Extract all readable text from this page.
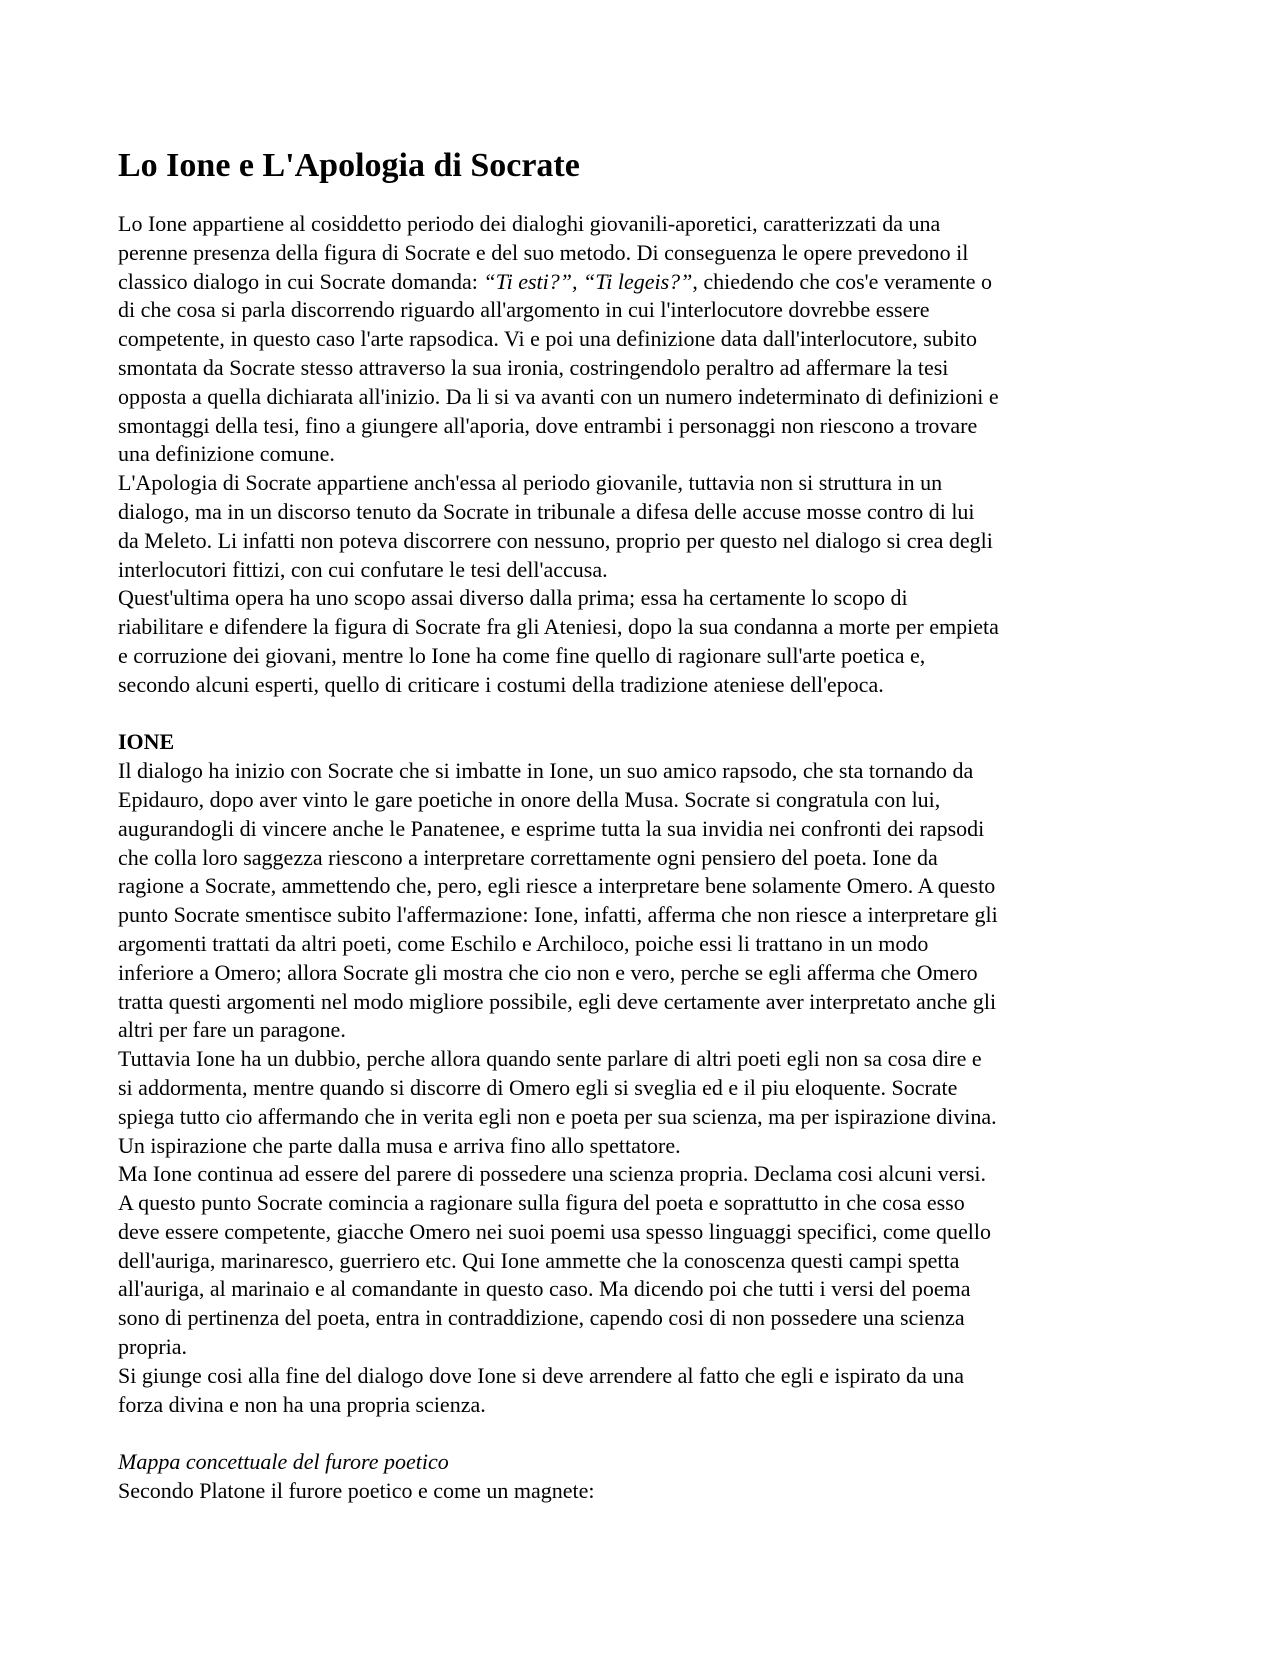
Lo Ione e L'Apologia di Socrate
Lo Ione appartiene al cosiddetto periodo dei dialoghi giovanili-aporetici, caratterizzati da una
perenne presenza della figura di Socrate e del suo metodo. Di conseguenza le opere prevedono il
classico dialogo in cui Socrate domanda: “Ti esti?”, “Ti legeis?”, chiedendo che cos'e veramente o
di che cosa si parla discorrendo riguardo all'argomento in cui l'interlocutore dovrebbe essere
competente, in questo caso l'arte rapsodica. Vi e poi una definizione data dall'interlocutore, subito
smontata da Socrate stesso attraverso la sua ironia, costringendolo peraltro ad affermare la tesi
opposta a quella dichiarata all'inizio. Da li si va avanti con un numero indeterminato di definizioni e
smontaggi della tesi, fino a giungere all'aporia, dove entrambi i personaggi non riescono a trovare
una definizione comune.
L'Apologia di Socrate appartiene anch'essa al periodo giovanile, tuttavia non si struttura in un
dialogo, ma in un discorso tenuto da Socrate in tribunale a difesa delle accuse mosse contro di lui
da Meleto. Li infatti non poteva discorrere con nessuno, proprio per questo nel dialogo si crea degli
interlocutori fittizi, con cui confutare le tesi dell'accusa.
Quest'ultima opera ha uno scopo assai diverso dalla prima; essa ha certamente lo scopo di
riabilitare e difendere la figura di Socrate fra gli Ateniesi, dopo la sua condanna a morte per empieta
e corruzione dei giovani, mentre lo Ione ha come fine quello di ragionare sull'arte poetica e,
secondo alcuni esperti, quello di criticare i costumi della tradizione ateniese dell'epoca.
IONE
Il dialogo ha inizio con Socrate che si imbatte in Ione, un suo amico rapsodo, che sta tornando da
Epidauro, dopo aver vinto le gare poetiche in onore della Musa. Socrate si congratula con lui,
augurandogli di vincere anche le Panatenee, e esprime tutta la sua invidia nei confronti dei rapsodi
che colla loro saggezza riescono a interpretare correttamente ogni pensiero del poeta. Ione da
ragione a Socrate, ammettendo che, pero, egli riesce a interpretare bene solamente Omero. A questo
punto Socrate smentisce subito l'affermazione: Ione, infatti, afferma che non riesce a interpretare gli
argomenti trattati da altri poeti, come Eschilo e Archiloco, poiche essi li trattano in un modo
inferiore a Omero; allora Socrate gli mostra che cio non e vero, perche se egli afferma che Omero
tratta questi argomenti nel modo migliore possibile, egli deve certamente aver interpretato anche gli
altri per fare un paragone.
Tuttavia Ione ha un dubbio, perche allora quando sente parlare di altri poeti egli non sa cosa dire e
si addormenta, mentre quando si discorre di Omero egli si sveglia ed e il piu eloquente. Socrate
spiega tutto cio affermando che in verita egli non e poeta per sua scienza, ma per ispirazione divina.
Un ispirazione che parte dalla musa e arriva fino allo spettatore.
Ma Ione continua ad essere del parere di possedere una scienza propria. Declama cosi alcuni versi.
A questo punto Socrate comincia a ragionare sulla figura del poeta e soprattutto in che cosa esso
deve essere competente, giacche Omero nei suoi poemi usa spesso linguaggi specifici, come quello
dell'auriga, marinaresco, guerriero etc. Qui Ione ammette che la conoscenza questi campi spetta
all'auriga, al marinaio e al comandante in questo caso. Ma dicendo poi che tutti i versi del poema
sono di pertinenza del poeta, entra in contraddizione, capendo cosi di non possedere una scienza
propria.
Si giunge cosi alla fine del dialogo dove Ione si deve arrendere al fatto che egli e ispirato da una
forza divina e non ha una propria scienza.
Mappa concettuale del furore poetico
Secondo Platone il furore poetico e come un magnete:
